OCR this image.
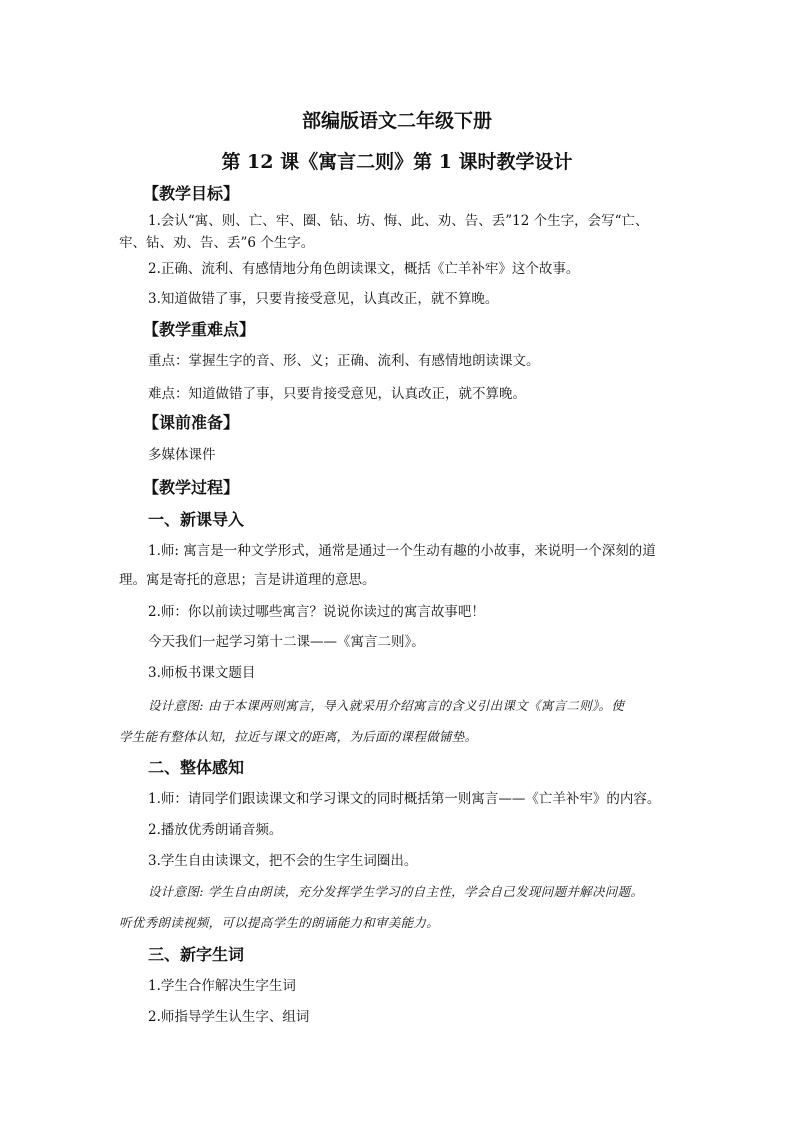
部编版语文二年级下册
第 12 课《寓言二则》第 1 课时教学设计
【教学目标】
1.会认“寓、则、亡、牢、圈、钻、坊、悔、此、劝、告、丢”12 个生字，会写“亡、
牢、钻、劝、告、丢”6 个生字。
2.正确、流利、有感情地分角色朗读课文，概括《亡羊补牢》这个故事。
3.知道做错了事，只要肯接受意见，认真改正，就不算晚。
【教学重难点】
重点：掌握生字的音、形、义；正确、流利、有感情地朗读课文。
难点：知道做错了事，只要肯接受意见，认真改正，就不算晚。
【课前准备】
多媒体课件
【教学过程】
一、新课导入
1.师: 寓言是一种文学形式，通常是通过一个生动有趣的小故事，来说明一个深刻的道
理。寓是寄托的意思；言是讲道理的意思。
2.师：你以前读过哪些寓言？说说你读过的寓言故事吧！
今天我们一起学习第十二课——《寓言二则》。
3.师板书课文题目
设计意图: 由于本课两则寓言，导入就采用介绍寓言的含义引出课文《寓言二则》。使
学生能有整体认知，拉近与课文的距离，为后面的课程做铺垫。
二、整体感知
1.师：请同学们跟读课文和学习课文的同时概括第一则寓言——《亡羊补牢》的内容。
2.播放优秀朗诵音频。
3.学生自由读课文，把不会的生字生词圈出。
设计意图: 学生自由朗读，充分发挥学生学习的自主性，学会自己发现问题并解决问题。
听优秀朗读视频，可以提高学生的朗诵能力和审美能力。
三、新字生词
1.学生合作解决生字生词
2.师指导学生认生字、组词
